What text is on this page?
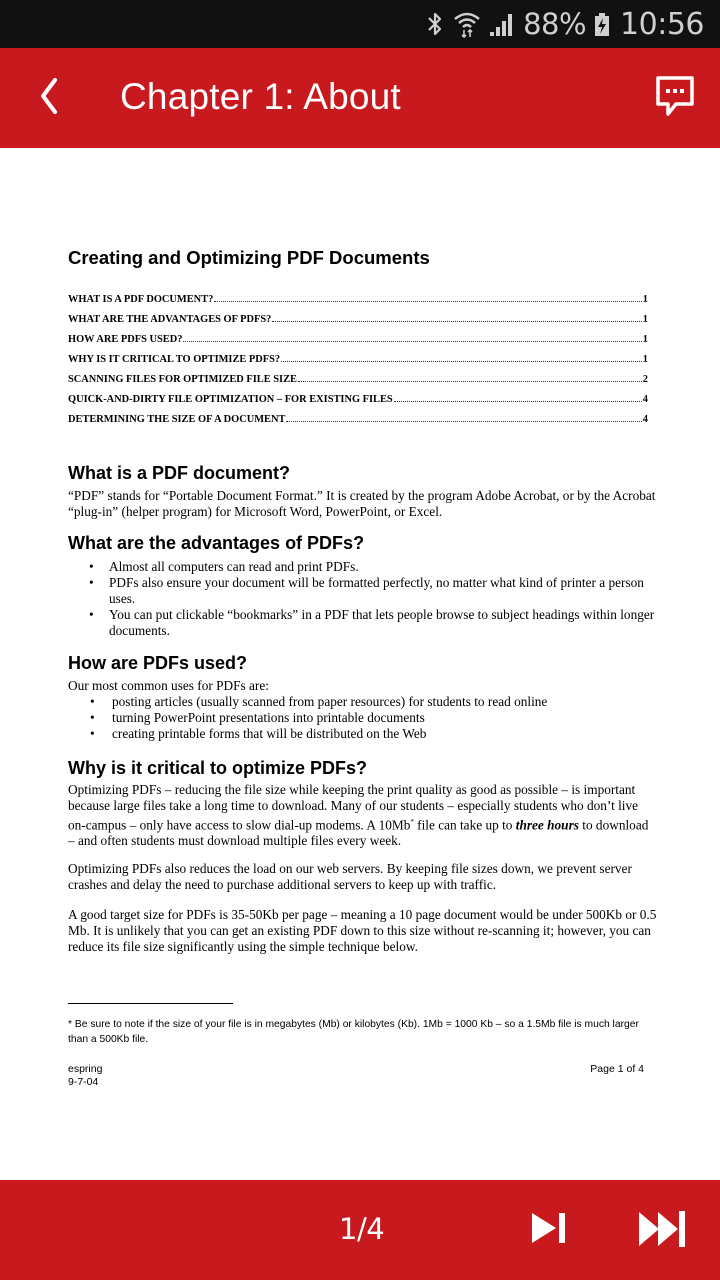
88% 10:56
Chapter 1: About
Creating and Optimizing PDF Documents
WHAT IS A PDF DOCUMENT?	1
WHAT ARE THE ADVANTAGES OF PDFS?	1
HOW ARE PDFS USED?	1
WHY IS IT CRITICAL TO OPTIMIZE PDFS?	1
SCANNING FILES FOR OPTIMIZED FILE SIZE	2
QUICK-AND-DIRTY FILE OPTIMIZATION – FOR EXISTING FILES	4
DETERMINING THE SIZE OF A DOCUMENT	4
What is a PDF document?
“PDF” stands for “Portable Document Format.” It is created by the program Adobe Acrobat, or by the Acrobat “plug-in” (helper program) for Microsoft Word, PowerPoint, or Excel.
What are the advantages of PDFs?
• Almost all computers can read and print PDFs.
• PDFs also ensure your document will be formatted perfectly, no matter what kind of printer a person uses.
• You can put clickable “bookmarks” in a PDF that lets people browse to subject headings within longer documents.
How are PDFs used?
Our most common uses for PDFs are:
• posting articles (usually scanned from paper resources) for students to read online
• turning PowerPoint presentations into printable documents
• creating printable forms that will be distributed on the Web
Why is it critical to optimize PDFs?
Optimizing PDFs – reducing the file size while keeping the print quality as good as possible – is important because large files take a long time to download. Many of our students – especially students who don’t live on-campus – only have access to slow dial-up modems. A 10Mb* file can take up to three hours to download – and often students must download multiple files every week.
Optimizing PDFs also reduces the load on our web servers. By keeping file sizes down, we prevent server crashes and delay the need to purchase additional servers to keep up with traffic.
A good target size for PDFs is 35-50Kb per page – meaning a 10 page document would be under 500Kb or 0.5 Mb. It is unlikely that you can get an existing PDF down to this size without re-scanning it; however, you can reduce its file size significantly using the simple technique below.
* Be sure to note if the size of your file is in megabytes (Mb) or kilobytes (Kb). 1Mb = 1000 Kb – so a 1.5Mb file is much larger than a 500Kb file.
espring
9-7-04
Page 1 of 4
1/4
